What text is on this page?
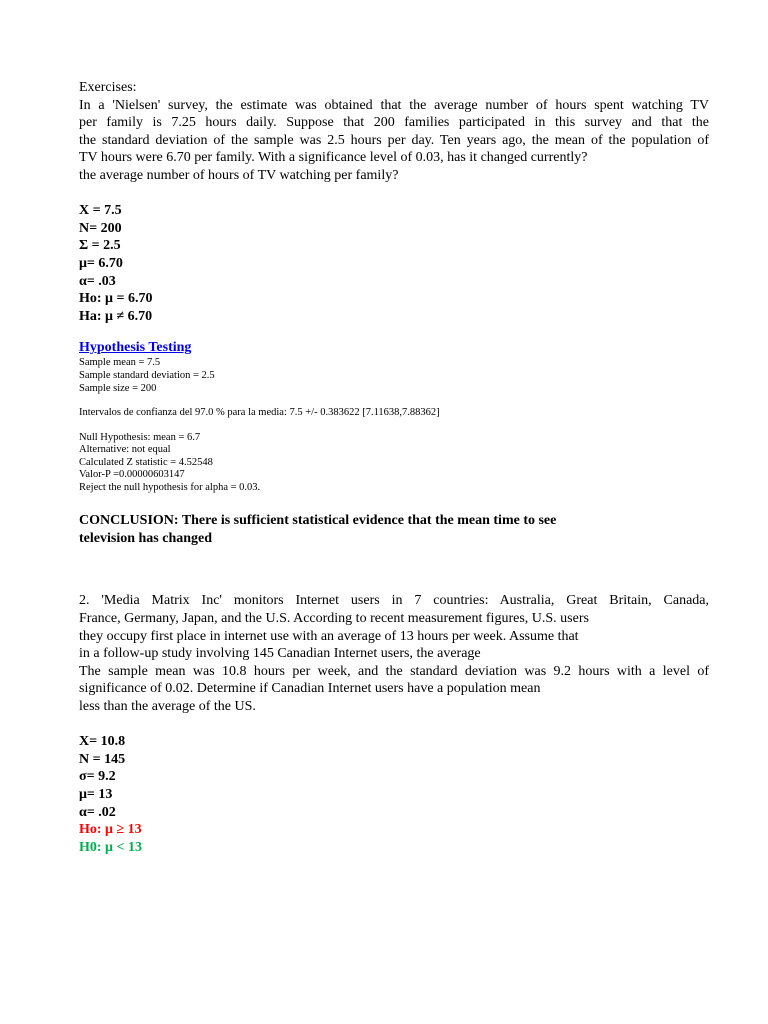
Exercises:
In a 'Nielsen' survey, the estimate was obtained that the average number of hours spent watching TV
per family is 7.25 hours daily. Suppose that 200 families participated in this survey and that the
the standard deviation of the sample was 2.5 hours per day. Ten years ago, the mean of the population of
TV hours were 6.70 per family. With a significance level of 0.03, has it changed currently?
the average number of hours of TV watching per family?
X = 7.5
N= 200
Σ = 2.5
μ= 6.70
α= .03
Ho: μ = 6.70
Ha: μ ≠ 6.70
Hypothesis Testing
Sample mean = 7.5
Sample standard deviation = 2.5
Sample size = 200
Intervalos de confianza del 97.0 % para la media: 7.5 +/- 0.383622 [7.11638,7.88362]
Null Hypothesis: mean = 6.7
Alternative: not equal
Calculated Z statistic = 4.52548
Valor-P =0.00000603147
Reject the null hypothesis for alpha = 0.03.
CONCLUSION: There is sufficient statistical evidence that the mean time to see
television has changed
2. 'Media Matrix Inc' monitors Internet users in 7 countries: Australia, Great Britain, Canada,
France, Germany, Japan, and the U.S. According to recent measurement figures, U.S. users
they occupy first place in internet use with an average of 13 hours per week. Assume that
in a follow-up study involving 145 Canadian Internet users, the average
The sample mean was 10.8 hours per week, and the standard deviation was 9.2 hours with a level of
significance of 0.02. Determine if Canadian Internet users have a population mean
less than the average of the US.
X= 10.8
N = 145
σ= 9.2
μ= 13
α= .02
Ho: μ ≥ 13
H0: μ < 13
